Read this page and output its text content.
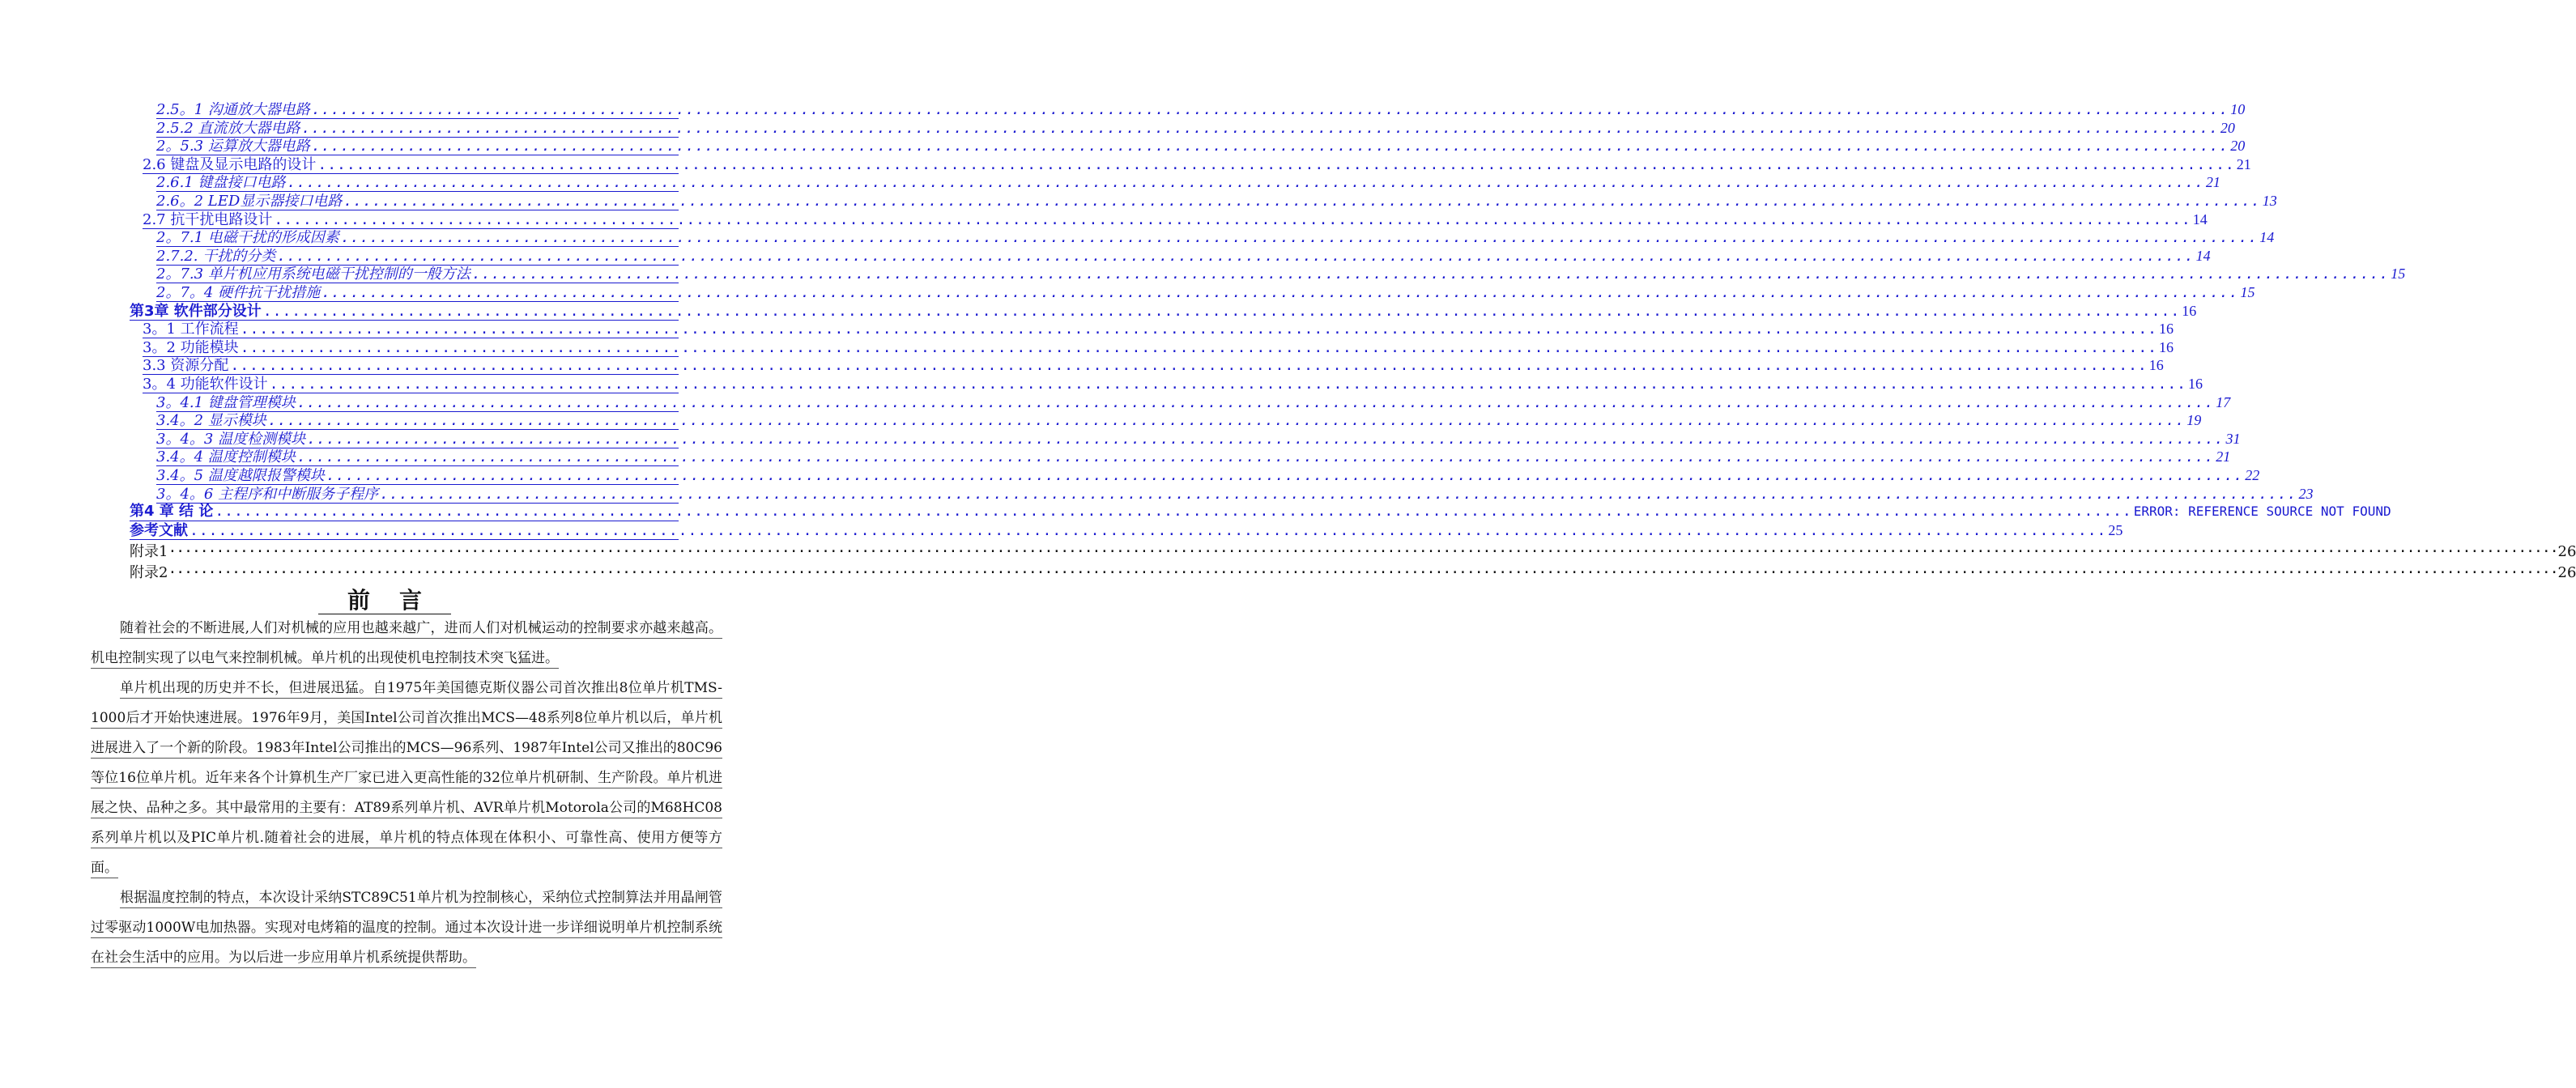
2.5。1 沟通放大器电路 ........................................................................................................................................................................................................ 10
2.5.2 直流放大器电路 ........................................................................................................................................................................................................ 20
2。5.3 运算放大器电路 ........................................................................................................................................................................................................ 20
2.6 键盘及显示电路的设计 ........................................................................................................................................................................................................ 21
2.6.1 键盘接口电路 ........................................................................................................................................................................................................ 21
2.6。2 LED显示器接口电路 ........................................................................................................................................................................................................ 13
2.7 抗干扰电路设计 ........................................................................................................................................................................................................ 14
2。7.1 电磁干扰的形成因素 ........................................................................................................................................................................................................ 14
2.7.2. 干扰的分类 ........................................................................................................................................................................................................ 14
2。7.3 单片机应用系统电磁干扰控制的一般方法 ........................................................................................................................................................................................................ 15
2。7。4 硬件抗干扰措施 ........................................................................................................................................................................................................ 15
第3章 软件部分设计 ........................................................................................................................................................................................................ 16
3。1 工作流程 ........................................................................................................................................................................................................ 16
3。2 功能模块 ........................................................................................................................................................................................................ 16
3.3 资源分配 ........................................................................................................................................................................................................ 16
3。4 功能软件设计 ........................................................................................................................................................................................................ 16
3。4.1 键盘管理模块 ........................................................................................................................................................................................................ 17
3.4。2 显示模块 ........................................................................................................................................................................................................ 19
3。4。3 温度检测模块 ........................................................................................................................................................................................................ 31
3.4。4 温度控制模块 ........................................................................................................................................................................................................ 21
3.4。5 温度越限报警模块 ........................................................................................................................................................................................................ 22
3。4。6 主程序和中断服务子程序 ........................................................................................................................................................................................................ 23
第4 章 结 论 ........................................................................................................................................................................................................ ERROR: REFERENCE SOURCE NOT FOUND
参考文献 ........................................................................................................................................................................................................ 25
附录1 ············································································································································································································································································································ 26
附录2 ············································································································································································································································································································ 26
前言

随着社会的不断进展,人们对机械的应用也越来越广，进而人们对机械运动的控制要求亦越来越高。机电控制实现了以电气来控制机械。单片机的出现使机电控制技术突飞猛进。

单片机出现的历史并不长，但进展迅猛。自1975年美国德克斯仪器公司首次推出8位单片机TMS-1000后才开始快速进展。1976年9月，美国Intel公司首次推出MCS—48系列8位单片机以后，单片机进展进入了一个新的阶段。1983年Intel公司推出的MCS—96系列、1987年Intel公司又推出的80C96等位16位单片机。近年来各个计算机生产厂家已进入更高性能的32位单片机研制、生产阶段。单片机进展之快、品种之多。其中最常用的主要有：AT89系列单片机、AVR单片机Motorola公司的M68HC08系列单片机以及PIC单片机.随着社会的进展，单片机的特点体现在体积小、可靠性高、使用方便等方面。

根据温度控制的特点，本次设计采纳STC89C51单片机为控制核心，采纳位式控制算法并用晶闸管过零驱动1000W电加热器。实现对电烤箱的温度的控制。通过本次设计进一步详细说明单片机控制系统在社会生活中的应用。为以后进一步应用单片机系统提供帮助。
